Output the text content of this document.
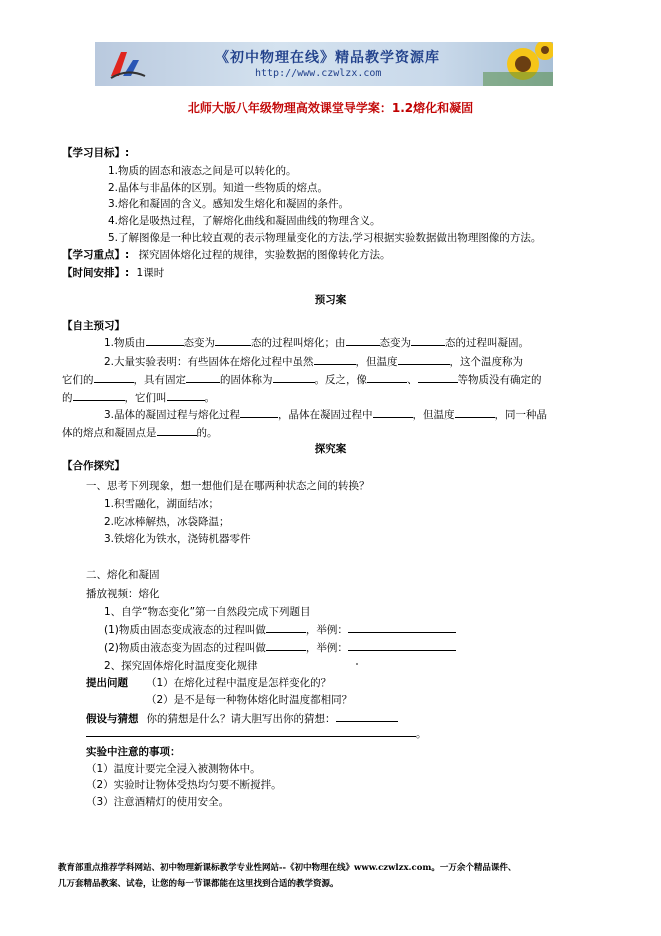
《初中物理在线》精品教学资源库
http://www.czwlzx.com
北师大版八年级物理高效课堂导学案：1.2熔化和凝固
【学习目标】:
1.物质的固态和液态之间是可以转化的。
2.晶体与非晶体的区别。知道一些物质的熔点。
3.熔化和凝固的含义。感知发生熔化和凝固的条件。
4.熔化是吸热过程，了解熔化曲线和凝固曲线的物理含义。
5.了解图像是一种比较直观的表示物理量变化的方法,学习根据实验数据做出物理图像的方法。
【学习重点】: 探究固体熔化过程的规律，实验数据的图像转化方法。
【时间安排】: 1课时
预习案
【自主预习】
1.物质由	态变为	态的过程叫熔化；由	态变为	态的过程叫凝固。
2.大量实验表明：有些固体在熔化过程中虽然	，但温度	，这个温度称为
它们的	，具有固定	的固体称为	。反之，像	、	等物质没有确定的
的	，它们叫	。
3.晶体的凝固过程与熔化过程	，晶体在凝固过程中	，但温度	，同一种晶
体的熔点和凝固点是	的。
探究案
【合作探究】
一、思考下列现象，想一想他们是在哪两种状态之间的转换？
1.积雪融化，湖面结冰；
2.吃冰棒解热，冰袋降温；
3.铁熔化为铁水，浇铸机器零件
二、熔化和凝固
播放视频：熔化
1、自学“物态变化”第一自然段完成下列题目
(1)物质由固态变成液态的过程叫做	，举例：
(2)物质由液态变为固态的过程叫做	，举例：
2、探究固体熔化时温度变化规律
提出问题 （1）在熔化过程中温度是怎样变化的？
（2）是不是每一种物体熔化时温度都相同？
假设与猜想 你的猜想是什么？请大胆写出你的猜想：
。
实验中注意的事项：
（1）温度计要完全浸入被测物体中。
（2）实验时让物体受热均匀要不断搅拌。
（3）注意酒精灯的使用安全。
教育部重点推荐学科网站、初中物理新课标教学专业性网站--《初中物理在线》www.czwlzx.com。一万余个精品课件、
几万套精品教案、试卷，让您的每一节课都能在这里找到合适的教学资源。
